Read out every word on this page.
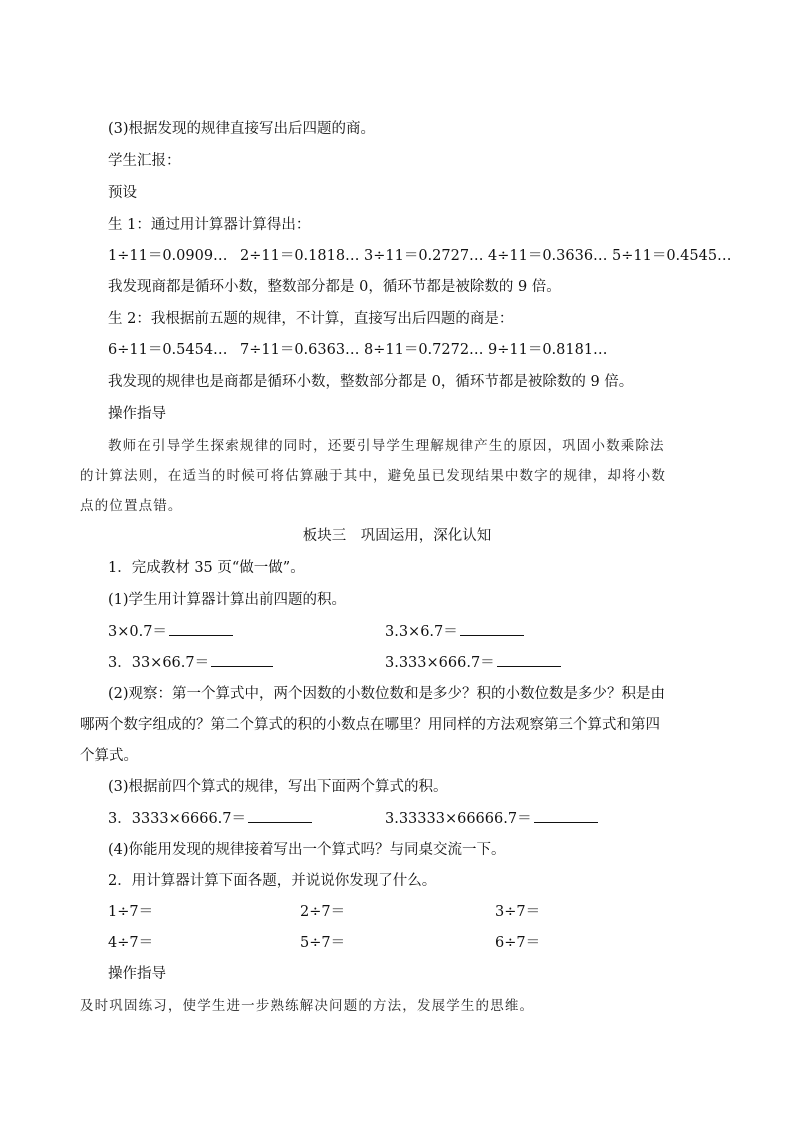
(3)根据发现的规律直接写出后四题的商。
学生汇报：
预设
生 1：通过用计算器计算得出：
1÷11＝0.0909… 2÷11＝0.1818… 3÷11＝0.2727… 4÷11＝0.3636… 5÷11＝0.4545…
我发现商都是循环小数，整数部分都是 0，循环节都是被除数的 9 倍。
生 2：我根据前五题的规律，不计算，直接写出后四题的商是：
6÷11＝0.5454… 7÷11＝0.6363… 8÷11＝0.7272… 9÷11＝0.8181…
我发现的规律也是商都是循环小数，整数部分都是 0，循环节都是被除数的 9 倍。
操作指导
教师在引导学生探索规律的同时，还要引导学生理解规律产生的原因，巩固小数乘除法
的计算法则，在适当的时候可将估算融于其中，避免虽已发现结果中数字的规律，却将小数
点的位置点错。
板块三　巩固运用，深化认知
1．完成教材 35 页“做一做”。
(1)学生用计算器计算出前四题的积。
3×0.7＝	3.3×6.7＝
3．33×66.7＝	3.333×666.7＝
(2)观察：第一个算式中，两个因数的小数位数和是多少？积的小数位数是多少？积是由
哪两个数字组成的？第二个算式的积的小数点在哪里？用同样的方法观察第三个算式和第四
个算式。
(3)根据前四个算式的规律，写出下面两个算式的积。
3．3333×6666.7＝	3.33333×66666.7＝
(4)你能用发现的规律接着写出一个算式吗？与同桌交流一下。
2．用计算器计算下面各题，并说说你发现了什么。
1÷7＝	2÷7＝	3÷7＝
4÷7＝	5÷7＝	6÷7＝
操作指导
及时巩固练习，使学生进一步熟练解决问题的方法，发展学生的思维。
